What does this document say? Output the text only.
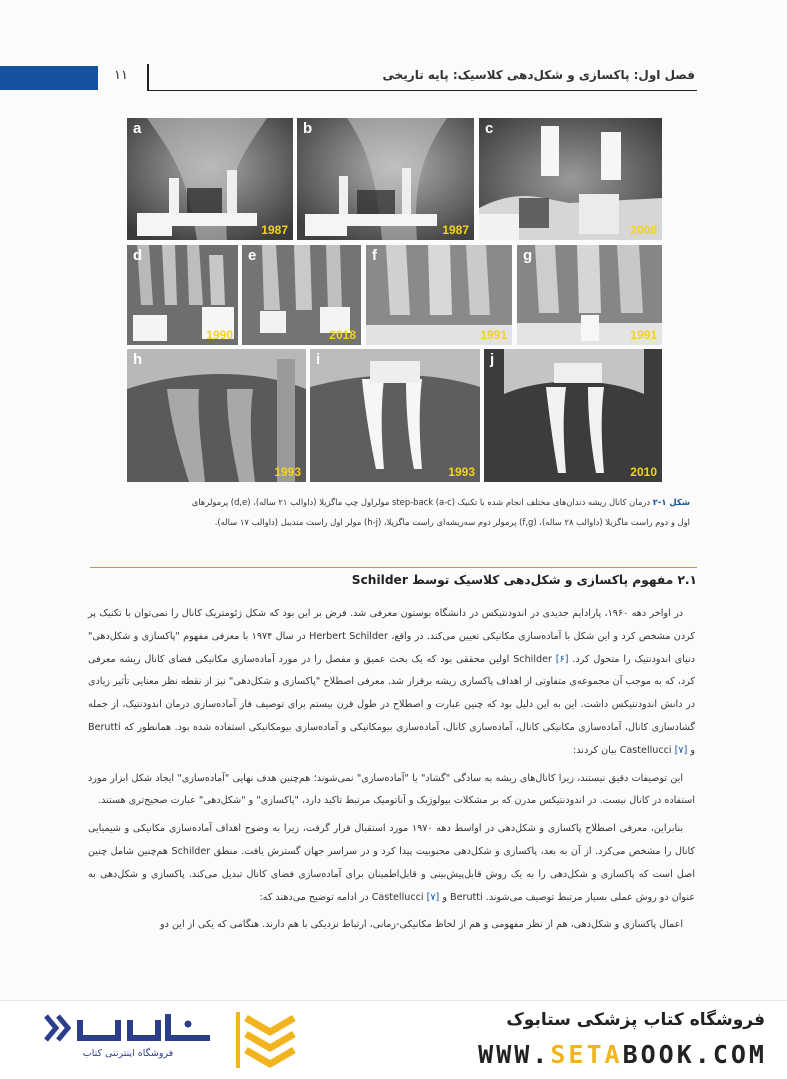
۱۱	فصل اول: پاکسازی و شکل‌دهی کلاسیک: پایه تاریخی
a
1987
b
1987
c
2008
d
1990
e
2018
f
1991
g
1991
h
1993
i
1993
j
2010
شکل ۱-۲ درمان کانال ریشه دندان‌های مختلف انجام شده با تکنیک step-back (a-c) مولراول چپ ماگزیلا (داوالب ۲۱ ساله)، (d,e) پرمولرهای اول و دوم راست ماگزیلا (داوالب ۲۸ ساله)، (f,g) پرمولر دوم سه‌ریشه‌ای راست ماگزیلا، (h-j) مولر اول راست مندیبل (داوالب ۱۷ ساله).
۲.۱ مفهوم پاکسازی و شکل‌دهی کلاسیک توسط Schilder

در اواخر دهه ۱۹۶۰، پارادایم جدیدی در اندودنتیکس در دانشگاه بوستون معرفی شد. فرض بر این بود که شکل ژئومتریک کانال را نمی‌توان با تکنیک پر کردن مشخص کرد و این شکل با آماده‌سازی مکانیکی تعیین می‌کند. در واقع، Herbert Schilder در سال ۱۹۷۴ با معرفی مفهوم "پاکسازی و شکل‌دهی" دنیای اندودنتیک را متحول کرد. Schilder [۶] اولین محققی بود که یک بحث عمیق و مفصل را در مورد آماده‌سازی مکانیکی فضای کانال ریشه معرفی کرد، که به موجب آن مجموعه‌ی متفاوتی از اهداف پاکسازی ریشه برقرار شد. معرفی اصطلاح "پاکسازی و شکل‌دهی" نیز از نقطه نظر معنایی تأثیر زیادی در دانش اندودنتیکس داشت. این به این دلیل بود که چنین عبارت و اصطلاح در طول قرن بیستم برای توصیف فاز آماده‌سازی درمان اندودنتیک، از جمله گشادسازی کانال، آماده‌سازی مکانیکی کانال، آماده‌سازی کانال، آماده‌سازی بیومکانیکی و آماده‌سازی بیومکانیکی استفاده شده بود. همانطور که Berutti و [۷] Castellucci بیان کردند:

این توصیفات دقیق نیستند، زیرا کانال‌های ریشه به سادگی "گشاد" یا "آماده‌سازی" نمی‌شوند؛ هم‌چنین هدف نهایی "آماده‌سازی" ایجاد شکل ابزار مورد استفاده در کانال نیست. در اندودنتیکس مدرن که بر مشکلات بیولوژیک و آناتومیک مرتبط تاکید دارد، "پاکسازی" و "شکل‌دهی" عبارت صحیح‌تری هستند.

بنابراین، معرفی اصطلاح پاکسازی و شکل‌دهی در اواسط دهه ۱۹۷۰ مورد استقبال قرار گرفت، زیرا به وضوح اهداف آماده‌سازی مکانیکی و شیمیایی کانال را مشخص می‌کرد. از آن به بعد، پاکسازی و شکل‌دهی محبوبیت پیدا کرد و در سراسر جهان گسترش یافت. منطق Schilder هم‌چنین شامل چنین اصل است که پاکسازی و شکل‌دهی را به یک روش قابل‌پیش‌بینی و قابل‌اطمینان برای آماده‌سازی فضای کانال تبدیل می‌کند. پاکسازی و شکل‌دهی به عنوان دو روش عملی بسیار مرتبط توصیف می‌شوند. Berutti و [۷] Castellucci در ادامه توضیح می‌دهند که:

اعمال پاکسازی و شکل‌دهی، هم از نظر مفهومی و هم از لحاظ مکانیکی-زمانی، ارتباط نزدیکی با هم دارند. هنگامی که یکی از این دو

فروشگاه کتاب پزشکی ستابوک
WWW.SETABOOK.COM
فروشگاه اینترنتی کتاب
